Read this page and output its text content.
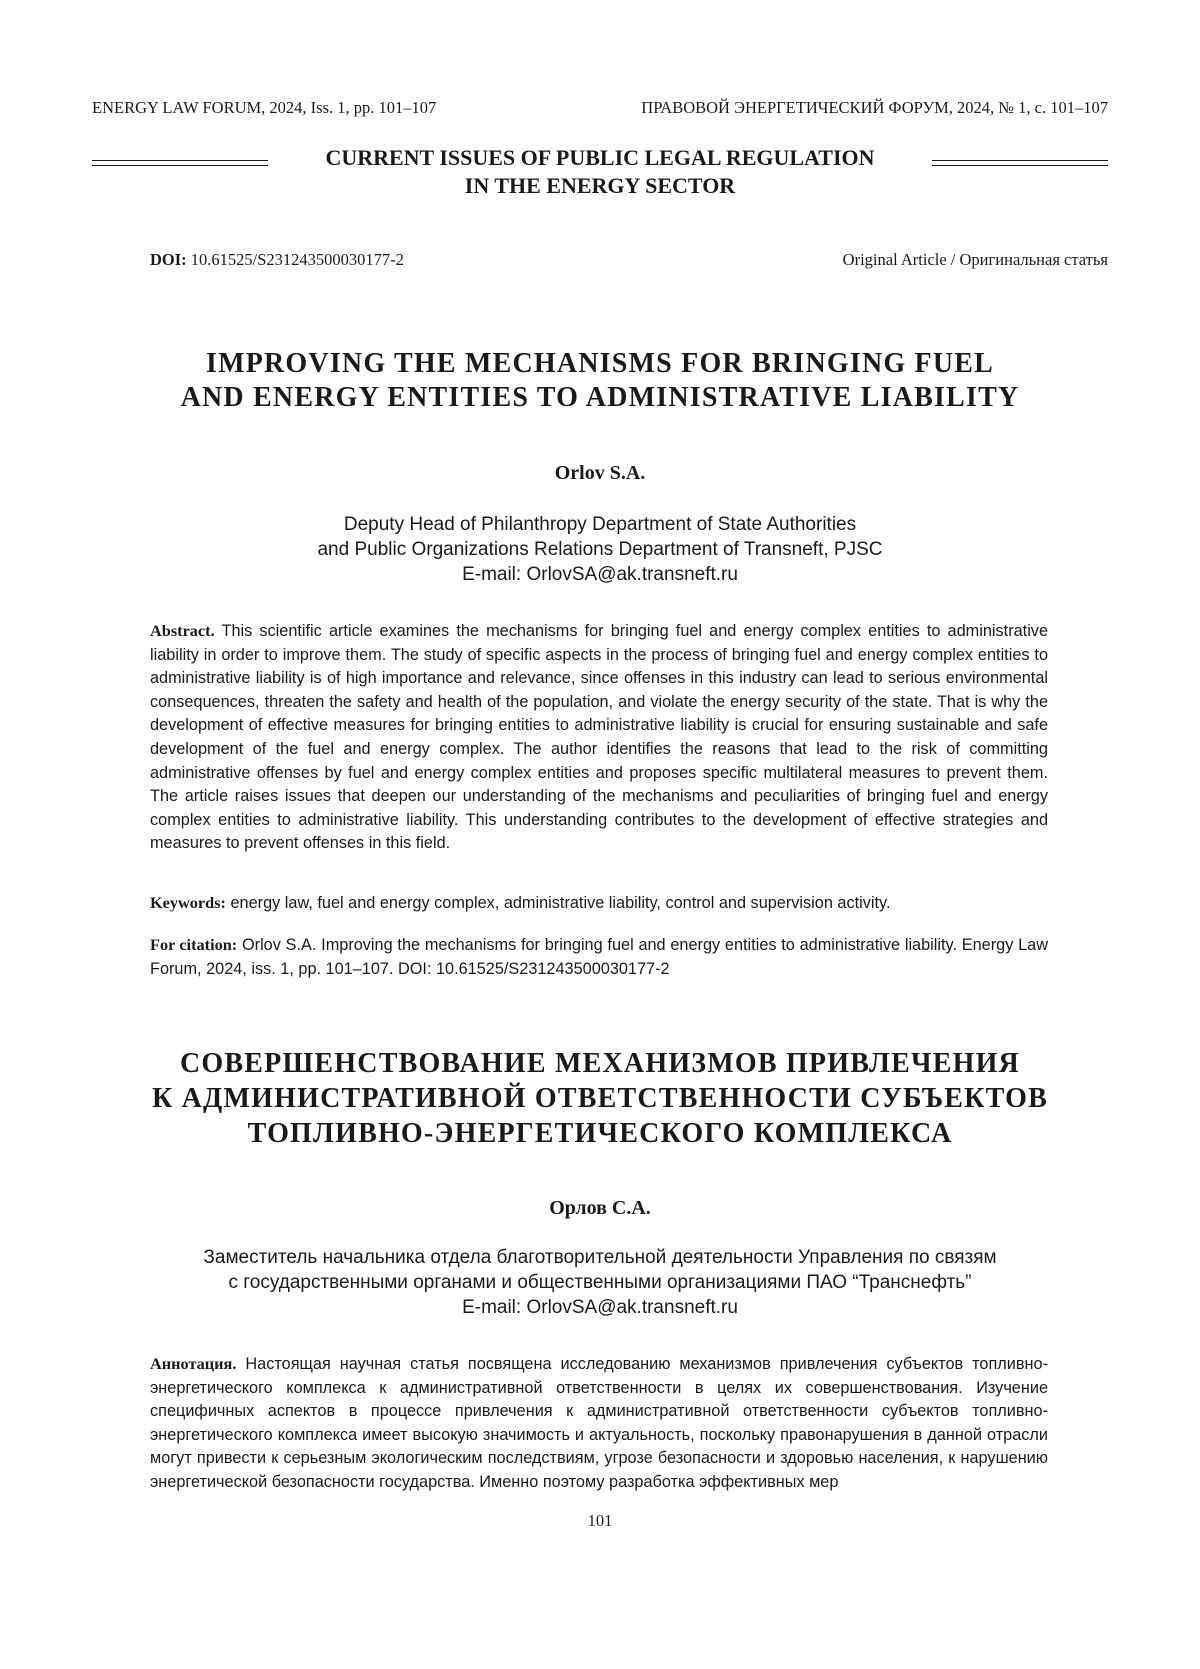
ENERGY LAW FORUM, 2024, Iss. 1, pp. 101–107	ПРАВОВОЙ ЭНЕРГЕТИЧЕСКИЙ ФОРУМ, 2024, № 1, с. 101–107
CURRENT ISSUES OF PUBLIC LEGAL REGULATION
IN THE ENERGY SECTOR
DOI: 10.61525/S231243500030177-2	Original Article / Оригинальная статья
IMPROVING THE MECHANISMS FOR BRINGING FUEL
AND ENERGY ENTITIES TO ADMINISTRATIVE LIABILITY
Orlov S.A.
Deputy Head of Philanthropy Department of State Authorities
and Public Organizations Relations Department of Transneft, PJSC
E-mail: OrlovSA@ak.transneft.ru
Abstract. This scientific article examines the mechanisms for bringing fuel and energy complex entities to administrative liability in order to improve them. The study of specific aspects in the process of bringing fuel and energy complex entities to administrative liability is of high importance and relevance, since offenses in this industry can lead to serious environmental consequences, threaten the safety and health of the population, and violate the energy security of the state. That is why the development of effective measures for bringing entities to administrative liability is crucial for ensuring sustainable and safe development of the fuel and energy complex. The author identifies the reasons that lead to the risk of committing administrative offenses by fuel and energy complex entities and proposes specific multilateral measures to prevent them. The article raises issues that deepen our understanding of the mechanisms and peculiarities of bringing fuel and energy complex entities to administrative liability. This understanding contributes to the development of effective strategies and measures to prevent offenses in this field.
Keywords: energy law, fuel and energy complex, administrative liability, control and supervision activity.
For citation: Orlov S.A. Improving the mechanisms for bringing fuel and energy entities to administrative liability. Energy Law Forum, 2024, iss. 1, pp. 101–107. DOI: 10.61525/S231243500030177-2
СОВЕРШЕНСТВОВАНИЕ МЕХАНИЗМОВ ПРИВЛЕЧЕНИЯ
К АДМИНИСТРАТИВНОЙ ОТВЕТСТВЕННОСТИ СУБЪЕКТОВ
ТОПЛИВНО-ЭНЕРГЕТИЧЕСКОГО КОМПЛЕКСА
Орлов С.А.
Заместитель начальника отдела благотворительной деятельности Управления по связям
с государственными органами и общественными организациями ПАО “Транснефть”
E-mail: OrlovSA@ak.transneft.ru
Аннотация. Настоящая научная статья посвящена исследованию механизмов привлечения субъектов топливно-энергетического комплекса к административной ответственности в целях их совершенствования. Изучение специфичных аспектов в процессе привлечения к административной ответственности субъектов топливно-энергетического комплекса имеет высокую значимость и актуальность, поскольку правонарушения в данной отрасли могут привести к серьезным экологическим последствиям, угрозе безопасности и здоровью населения, к нарушению энергетической безопасности государства. Именно поэтому разработка эффективных мер
101
